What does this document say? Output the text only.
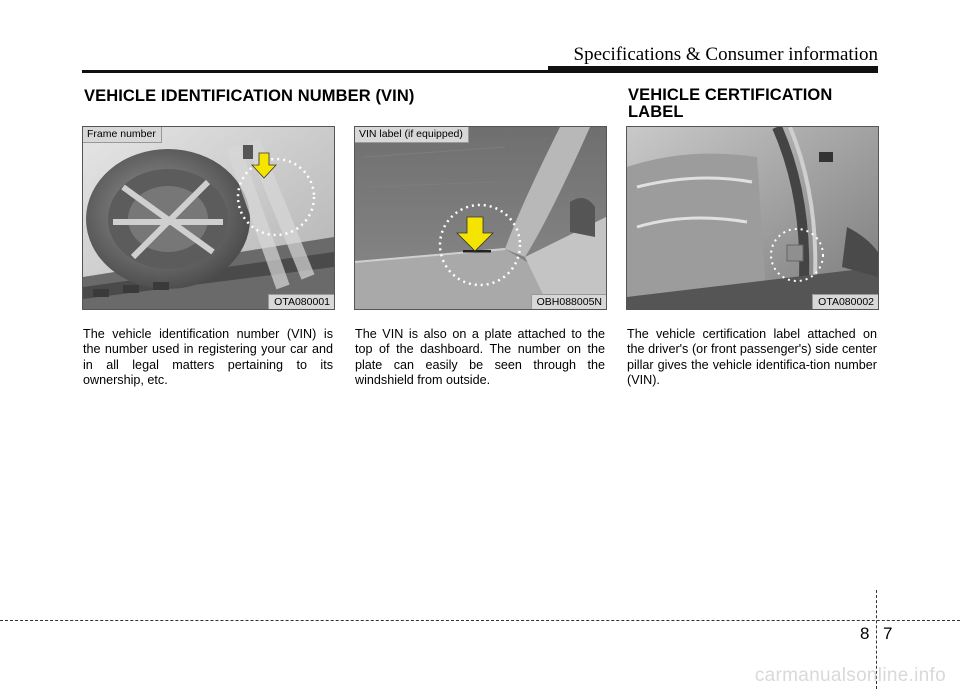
Specifications & Consumer information
VEHICLE IDENTIFICATION NUMBER (VIN)	VEHICLE CERTIFICATION
LABEL
Frame number
OTA080001
VIN label (if equipped)
OBH088005N	OTA080002

The vehicle identification number (VIN) is the number used in registering your car and in all legal matters pertaining to its ownership, etc.

The VIN is also on a plate attached to the top of the dashboard. The number on the plate can easily be seen through the windshield from outside.

The vehicle certification label attached on the driver's (or front passenger's) side center pillar gives the vehicle identifica-tion number (VIN).

8 7
carmanualsonline.info
